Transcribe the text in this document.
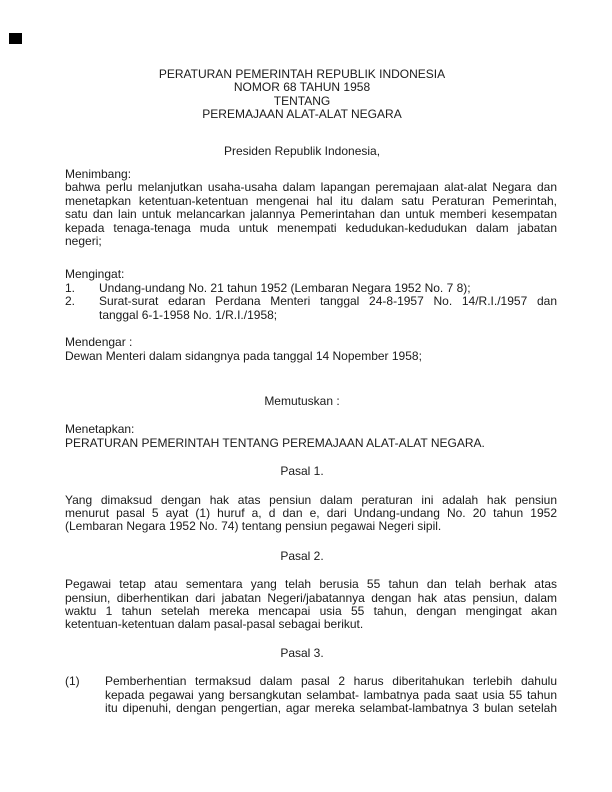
PERATURAN PEMERINTAH REPUBLIK INDONESIA
NOMOR 68 TAHUN 1958
TENTANG
PEREMAJAAN ALAT-ALAT NEGARA
Presiden Republik Indonesia,
Menimbang:
bahwa perlu melanjutkan usaha-usaha dalam lapangan peremajaan alat-alat Negara dan
menetapkan ketentuan-ketentuan mengenai hal itu dalam satu Peraturan Pemerintah,
satu dan lain untuk melancarkan jalannya Pemerintahan dan untuk memberi kesempatan
kepada tenaga-tenaga muda untuk menempati kedudukan-kedudukan dalam jabatan
negeri;
Mengingat:
1. Undang-undang No. 21 tahun 1952 (Lembaran Negara 1952 No. 7 8);
2. Surat-surat edaran Perdana Menteri tanggal 24-8-1957 No. 14/R.I./1957 dan
tanggal 6-1-1958 No. 1/R.I./1958;
Mendengar :
Dewan Menteri dalam sidangnya pada tanggal 14 Nopember 1958;
Memutuskan :
Menetapkan:
PERATURAN PEMERINTAH TENTANG PEREMAJAAN ALAT-ALAT NEGARA.
Pasal 1.
Yang dimaksud dengan hak atas pensiun dalam peraturan ini adalah hak pensiun
menurut pasal 5 ayat (1) huruf a, d dan e, dari Undang-undang No. 20 tahun 1952
(Lembaran Negara 1952 No. 74) tentang pensiun pegawai Negeri sipil.
Pasal 2.
Pegawai tetap atau sementara yang telah berusia 55 tahun dan telah berhak atas
pensiun, diberhentikan dari jabatan Negeri/jabatannya dengan hak atas pensiun, dalam
waktu 1 tahun setelah mereka mencapai usia 55 tahun, dengan mengingat akan
ketentuan-ketentuan dalam pasal-pasal sebagai berikut.
Pasal 3.
(1) Pemberhentian termaksud dalam pasal 2 harus diberitahukan terlebih dahulu
kepada pegawai yang bersangkutan selambat- lambatnya pada saat usia 55 tahun
itu dipenuhi, dengan pengertian, agar mereka selambat-lambatnya 3 bulan setelah
